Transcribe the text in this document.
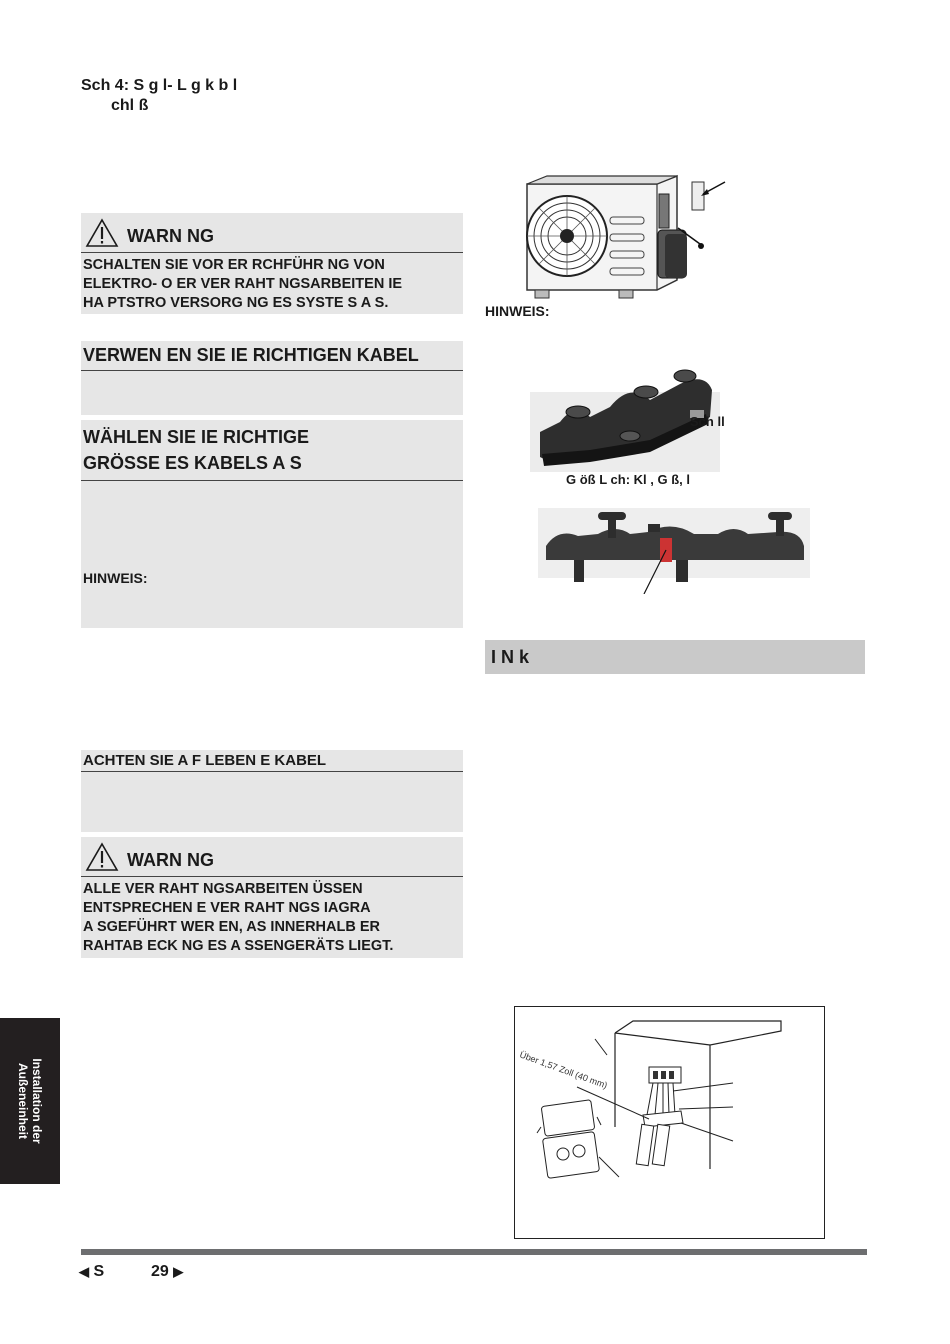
Sch 4: S g l- L g k b l
chl ß
WARN NG
SCHALTEN SIE VOR ER RCHFÜHR NG VON
ELEKTRO- O ER VER RAHT NGSARBEITEN IE
HA PTSTRO VERSORG NG ES SYSTE S A S.
VERWEN EN SIE IE RICHTIGEN KABEL
WÄHLEN SIE IE RICHTIGE
GRÖSSE ES KABELS A S
HINWEIS:
ACHTEN SIE A F LEBEN E KABEL
WARN NG
ALLE VER RAHT NGSARBEITEN ÜSSEN
ENTSPRECHEN E VER RAHT NGS IAGRA
A SGEFÜHRT WER EN, AS INNERHALB ER
RAHTAB ECK NG ES A SSENGERÄTS LIEGT.
HINWEIS:
Sch ll
G öß L ch: Kl , G ß, l
I N k
Über 1,57 Zoll (40 mm)
Installation der
Außeneinheit
◀ S	29 ▶
